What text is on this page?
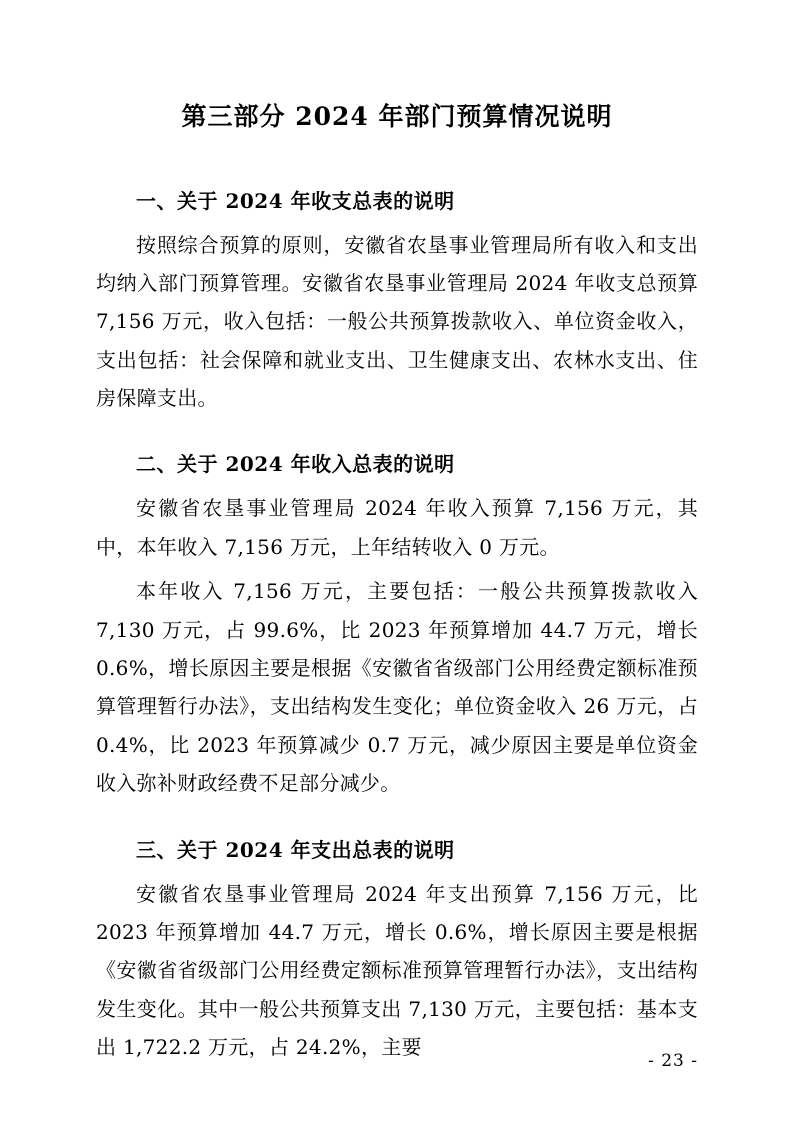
第三部分 2024 年部门预算情况说明
一、关于 2024 年收支总表的说明

按照综合预算的原则，安徽省农垦事业管理局所有收入和支出均纳入部门预算管理。安徽省农垦事业管理局 2024 年收支总预算 7,156 万元，收入包括：一般公共预算拨款收入、单位资金收入，支出包括：社会保障和就业支出、卫生健康支出、农林水支出、住房保障支出。

二、关于 2024 年收入总表的说明

安徽省农垦事业管理局 2024 年收入预算 7,156 万元，其中，本年收入 7,156 万元，上年结转收入 0 万元。

本年收入 7,156 万元，主要包括：一般公共预算拨款收入 7,130 万元，占 99.6%，比 2023 年预算增加 44.7 万元，增长 0.6%，增长原因主要是根据《安徽省省级部门公用经费定额标准预算管理暂行办法》，支出结构发生变化；单位资金收入 26 万元，占 0.4%，比 2023 年预算减少 0.7 万元，减少原因主要是单位资金收入弥补财政经费不足部分减少。

三、关于 2024 年支出总表的说明

安徽省农垦事业管理局 2024 年支出预算 7,156 万元，比 2023 年预算增加 44.7 万元，增长 0.6%，增长原因主要是根据《安徽省省级部门公用经费定额标准预算管理暂行办法》，支出结构发生变化。其中一般公共预算支出 7,130 万元，主要包括：基本支出 1,722.2 万元，占 24.2%，主要

- 23 -
